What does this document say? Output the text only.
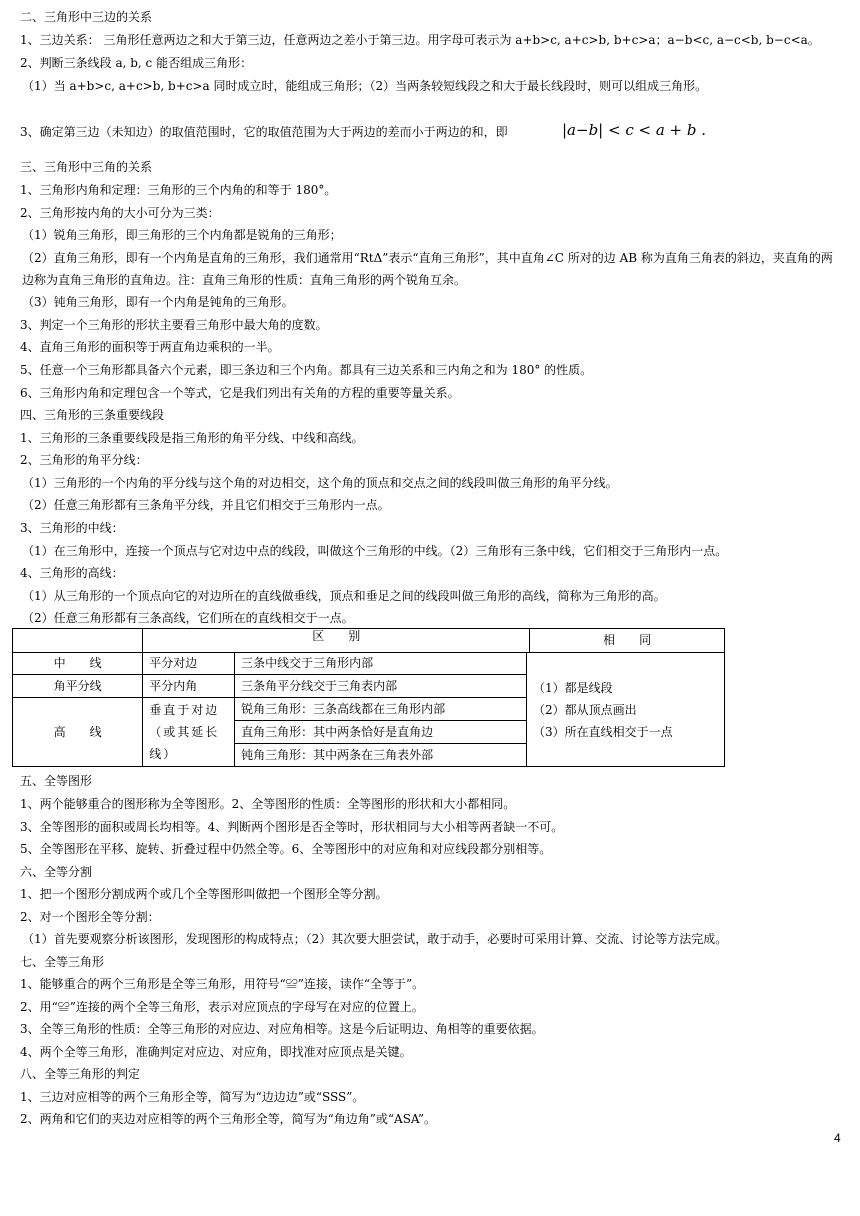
二、三角形中三边的关系
1、三边关系： 三角形任意两边之和大于第三边，任意两边之差小于第三边。用字母可表示为 a+b>c, a+c>b, b+c>a；a−b<c, a−c<b, b−c<a。
2、判断三条线段 a, b, c 能否组成三角形：
（1）当 a+b>c, a+c>b, b+c>a 同时成立时，能组成三角形；（2）当两条较短线段之和大于最长线段时，则可以组成三角形。
3、确定第三边（未知边）的取值范围时，它的取值范围为大于两边的差而小于两边的和，即	|a−b| < c < a + b .
三、三角形中三角的关系
1、三角形内角和定理：三角形的三个内角的和等于 180°。
2、三角形按内角的大小可分为三类：
（1）锐角三角形，即三角形的三个内角都是锐角的三角形；
（2）直角三角形，即有一个内角是直角的三角形，我们通常用“RtΔ”表示“直角三角形”，其中直角∠C 所对的边 AB 称为直角三角表的斜边，夹直角的两边称为直角三角形的直角边。注：直角三角形的性质：直角三角形的两个锐角互余。
（3）钝角三角形，即有一个内角是钝角的三角形。
3、判定一个三角形的形状主要看三角形中最大角的度数。
4、直角三角形的面积等于两直角边乘积的一半。
5、任意一个三角形都具备六个元素，即三条边和三个内角。都具有三边关系和三内角之和为 180° 的性质。
6、三角形内角和定理包含一个等式，它是我们列出有关角的方程的重要等量关系。
四、三角形的三条重要线段
1、三角形的三条重要线段是指三角形的角平分线、中线和高线。
2、三角形的角平分线：
（1）三角形的一个内角的平分线与这个角的对边相交，这个角的顶点和交点之间的线段叫做三角形的角平分线。
（2）任意三角形都有三条角平分线，并且它们相交于三角形内一点。
3、三角形的中线：
（1）在三角形中，连接一个顶点与它对边中点的线段，叫做这个三角形的中线。（2）三角形有三条中线，它们相交于三角形内一点。
4、三角形的高线：
（1）从三角形的一个顶点向它的对边所在的直线做垂线，顶点和垂足之间的线段叫做三角形的高线，简称为三角形的高。
（2）任意三角形都有三条高线，它们所在的直线相交于一点。

	区　　别 相　　同		

中　　线	平分对边	三条中线交于三角形内部	（1）都是线段
（2）都从顶点画出
（3）所在直线相交于一点

角平分线	平分内角	三条角平分线交于三角表内部	
高　　线	垂直于对边（或其延长线）	锐角三角形：三条高线都在三角形内部	
		直角三角形：其中两条恰好是直角边	
		钝角三角形：其中两条在三角表外部	
五、全等图形
1、两个能够重合的图形称为全等图形。2、全等图形的性质：全等图形的形状和大小都相同。
3、全等图形的面积或周长均相等。4、判断两个图形是否全等时，形状相同与大小相等两者缺一不可。
5、全等图形在平移、旋转、折叠过程中仍然全等。6、全等图形中的对应角和对应线段都分别相等。
六、全等分割
1、把一个图形分割成两个或几个全等图形叫做把一个图形全等分割。
2、对一个图形全等分割：
（1）首先要观察分析该图形，发现图形的构成特点；（2）其次要大胆尝试，敢于动手，必要时可采用计算、交流、讨论等方法完成。
七、全等三角形
1、能够重合的两个三角形是全等三角形，用符号“≌”连接，读作“全等于”。
2、用“≌”连接的两个全等三角形，表示对应顶点的字母写在对应的位置上。
3、全等三角形的性质：全等三角形的对应边、对应角相等。这是今后证明边、角相等的重要依据。
4、两个全等三角形，准确判定对应边、对应角，即找准对应顶点是关键。
八、全等三角形的判定
1、三边对应相等的两个三角形全等，简写为“边边边”或“SSS”。
2、两角和它们的夹边对应相等的两个三角形全等，简写为“角边角”或“ASA”。
4
